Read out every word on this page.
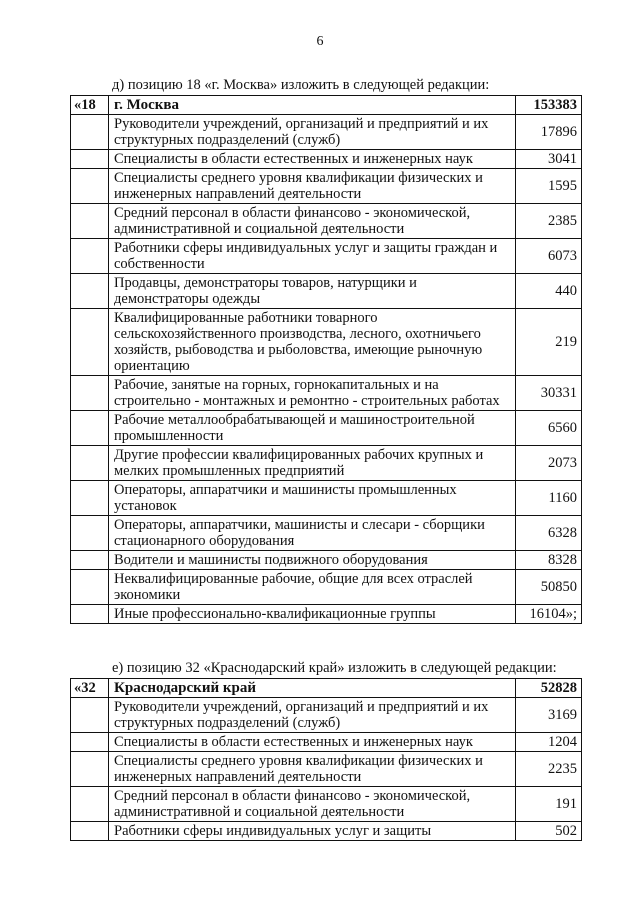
6
д) позицию 18 «г. Москва» изложить в следующей редакции:
«18	г. Москва	153383
	Руководители учреждений, организаций и предприятий и их структурных подразделений (служб)	17896
	Специалисты в области естественных и инженерных наук	3041
	Специалисты среднего уровня квалификации физических и инженерных направлений деятельности	1595
	Средний персонал в области финансово - экономической, административной и социальной деятельности	2385
	Работники сферы индивидуальных услуг и защиты граждан и собственности	6073
	Продавцы, демонстраторы товаров, натурщики и демонстраторы одежды	440
	Квалифицированные работники товарного сельскохозяйственного производства, лесного, охотничьего хозяйств, рыбоводства и рыболовства, имеющие рыночную ориентацию	219
	Рабочие, занятые на горных, горнокапитальных и на строительно - монтажных и ремонтно - строительных работах	30331
	Рабочие металлообрабатывающей и машиностроительной промышленности	6560
	Другие профессии квалифицированных рабочих крупных и мелких промышленных предприятий	2073
	Операторы, аппаратчики и машинисты промышленных установок	1160
	Операторы, аппаратчики, машинисты и слесари - сборщики стационарного оборудования	6328
	Водители и машинисты подвижного оборудования	8328
	Неквалифицированные рабочие, общие для всех отраслей экономики	50850
	Иные профессионально-квалификационные группы	16104»;
е) позицию 32 «Краснодарский край» изложить в следующей редакции:
«32	Краснодарский край	52828
	Руководители учреждений, организаций и предприятий и их структурных подразделений (служб)	3169
	Специалисты в области естественных и инженерных наук	1204
	Специалисты среднего уровня квалификации физических и инженерных направлений деятельности	2235
	Средний персонал в области финансово - экономической, административной и социальной деятельности	191
	Работники сферы индивидуальных услуг и защиты	502
